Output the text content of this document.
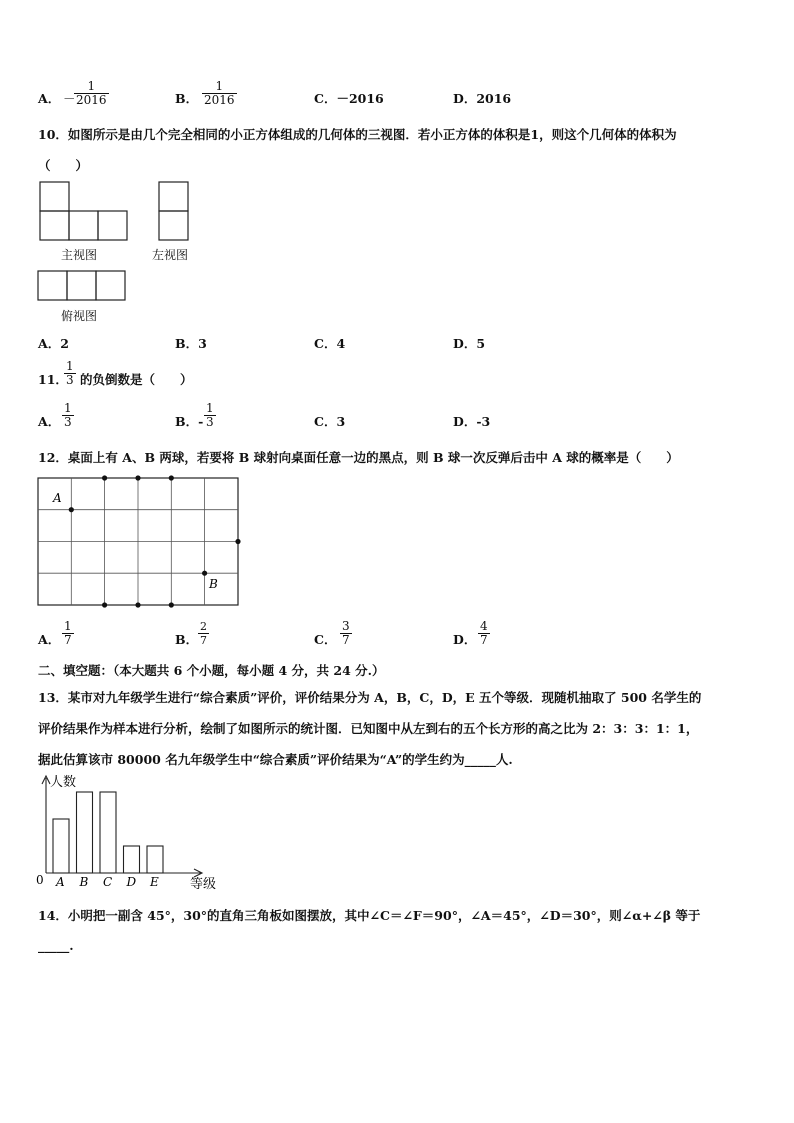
A． －
$\frac{1}{2016}$	B． $\frac{1}{2016}$	C．－2016	D．2016
10．如图所示是由几个完全相同的小正方体组成的几何体的三视图．若小正方体的体积是1，则这个几何体的体积为
（　　）
主视图	左视图
俯视图
A．2	B．3	C．4	D．5
11．
$\frac{1}{3}$ 的负倒数是（　　）
A． $\frac{1}{3}$	B．- $\frac{1}{3}$	C．3	D．-3
12．桌面上有 A、B 两球，若要将 B 球射向桌面任意一边的黑点，则 B 球一次反弹后击中 A 球的概率是（　　）
A
B
A． $\frac{1}{7}$	B． $\frac{2}{7}$	C． $\frac{3}{7}$	D． $\frac{4}{7}$
二、填空题：（本大题共 6 个小题，每小题 4 分，共 24 分.）
13．某市对九年级学生进行“综合素质”评价，评价结果分为 A，B，C，D，E 五个等级．现随机抽取了 500 名学生的
评价结果作为样本进行分析，绘制了如图所示的统计图．已知图中从左到右的五个长方形的高之比为 2：3：3：1：1，
据此估算该市 80000 名九年级学生中“综合素质”评价结果为“A”的学生约为_____人.
A B C D E
人数
等级
0
14．小明把一副含 45°，30°的直角三角板如图摆放，其中∠C＝∠F＝90°，∠A＝45°，∠D＝30°，则∠α+∠β 等于
_____.
